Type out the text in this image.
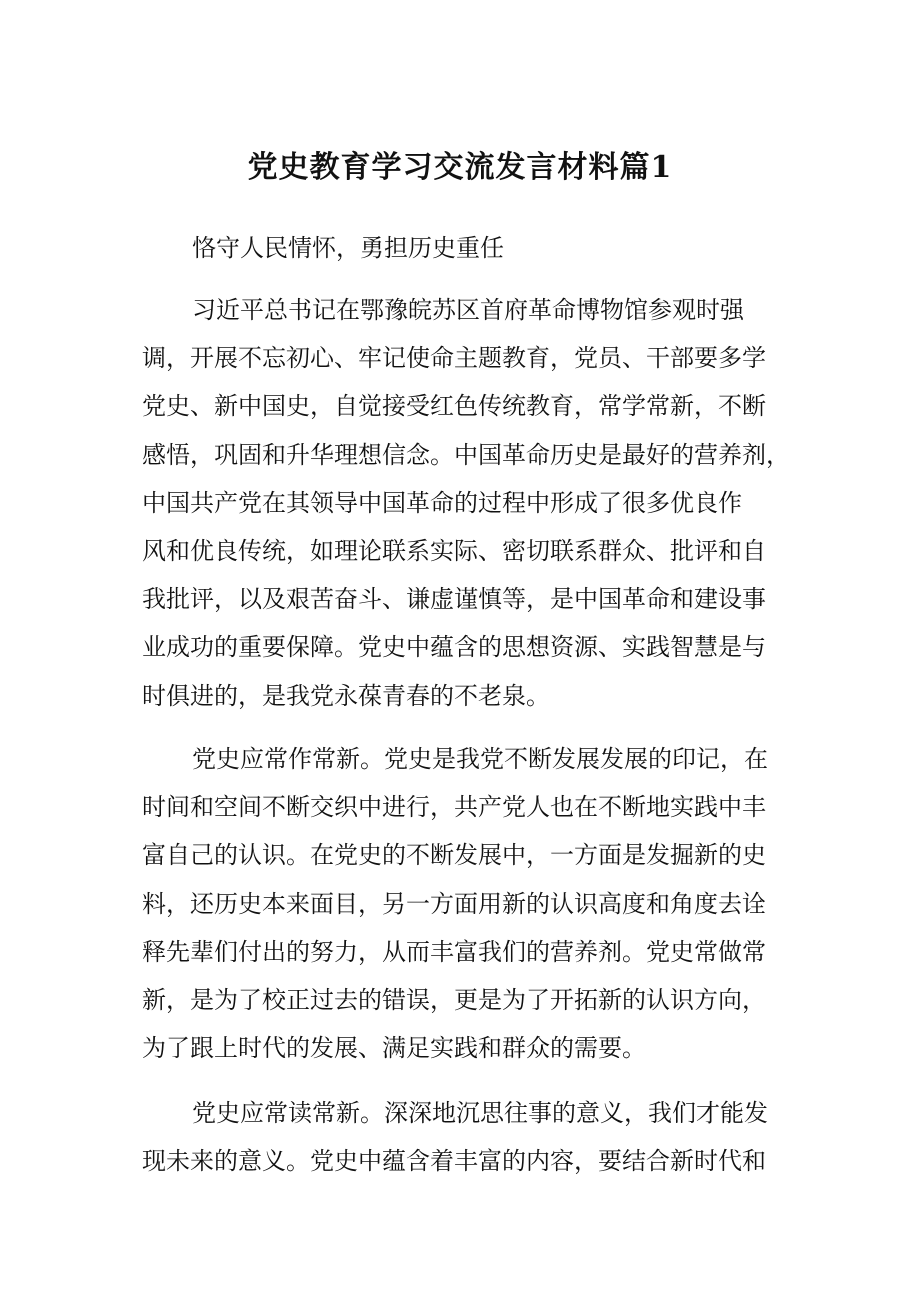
党史教育学习交流发言材料篇1
恪守人民情怀，勇担历史重任
习近平总书记在鄂豫皖苏区首府革命博物馆参观时强
调，开展不忘初心、牢记使命主题教育，党员、干部要多学
党史、新中国史，自觉接受红色传统教育，常学常新，不断
感悟，巩固和升华理想信念。中国革命历史是最好的营养剂，
中国共产党在其领导中国革命的过程中形成了很多优良作
风和优良传统，如理论联系实际、密切联系群众、批评和自
我批评，以及艰苦奋斗、谦虚谨慎等，是中国革命和建设事
业成功的重要保障。党史中蕴含的思想资源、实践智慧是与
时俱进的，是我党永葆青春的不老泉。
党史应常作常新。党史是我党不断发展发展的印记，在
时间和空间不断交织中进行，共产党人也在不断地实践中丰
富自己的认识。在党史的不断发展中，一方面是发掘新的史
料，还历史本来面目，另一方面用新的认识高度和角度去诠
释先辈们付出的努力，从而丰富我们的营养剂。党史常做常
新，是为了校正过去的错误，更是为了开拓新的认识方向，
为了跟上时代的发展、满足实践和群众的需要。
党史应常读常新。深深地沉思往事的意义，我们才能发
现未来的意义。党史中蕴含着丰富的内容，要结合新时代和
